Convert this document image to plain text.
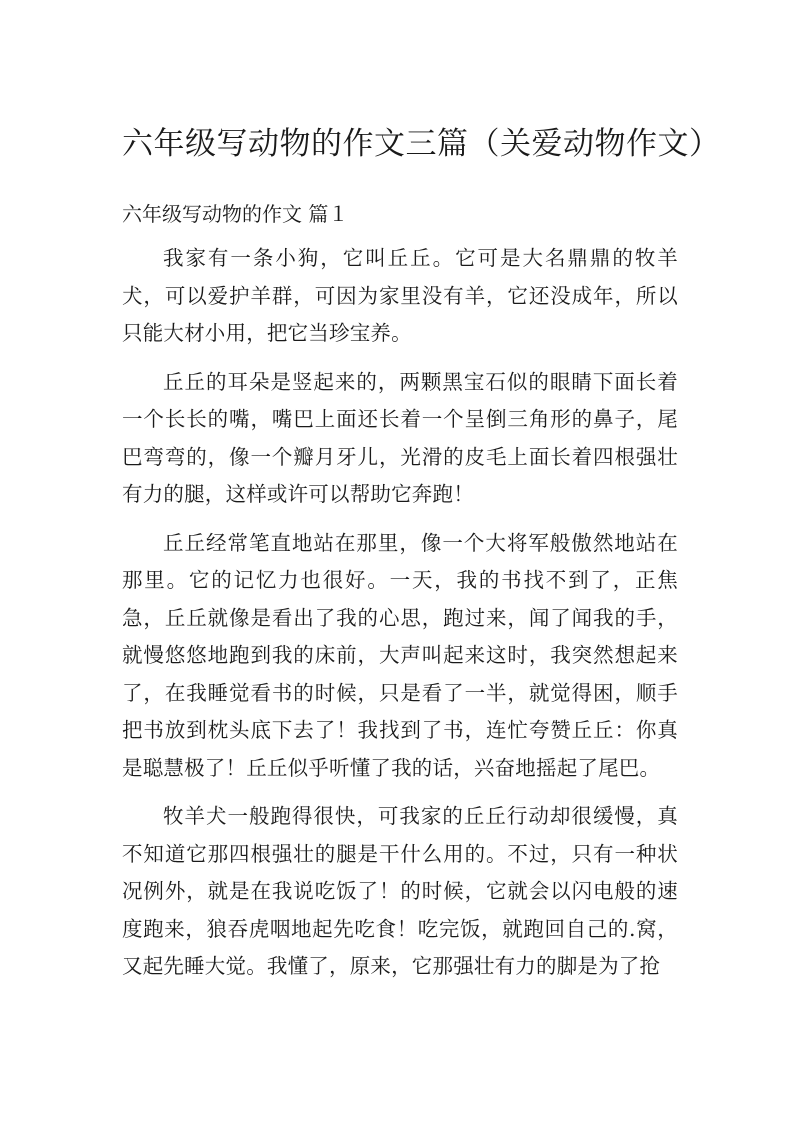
六年级写动物的作文三篇（关爱动物作文）
六年级写动物的作文 篇１

我家有一条小狗，它叫丘丘。它可是大名鼎鼎的牧羊犬，可以爱护羊群，可因为家里没有羊，它还没成年，所以只能大材小用，把它当珍宝养。

丘丘的耳朵是竖起来的，两颗黑宝石似的眼睛下面长着一个长长的嘴，嘴巴上面还长着一个呈倒三角形的鼻子，尾巴弯弯的，像一个瓣月牙儿，光滑的皮毛上面长着四根强壮有力的腿，这样或许可以帮助它奔跑！

丘丘经常笔直地站在那里，像一个大将军般傲然地站在那里。它的记忆力也很好。一天，我的书找不到了，正焦急，丘丘就像是看出了我的心思，跑过来，闻了闻我的手，就慢悠悠地跑到我的床前，大声叫起来这时，我突然想起来了，在我睡觉看书的时候，只是看了一半，就觉得困，顺手把书放到枕头底下去了！我找到了书，连忙夸赞丘丘：你真是聪慧极了！丘丘似乎听懂了我的话，兴奋地摇起了尾巴。

牧羊犬一般跑得很快，可我家的丘丘行动却很缓慢，真不知道它那四根强壮的腿是干什么用的。不过，只有一种状况例外，就是在我说吃饭了！的时候，它就会以闪电般的速度跑来，狼吞虎咽地起先吃食！吃完饭，就跑回自己的.窝，又起先睡大觉。我懂了，原来，它那强壮有力的脚是为了抢
